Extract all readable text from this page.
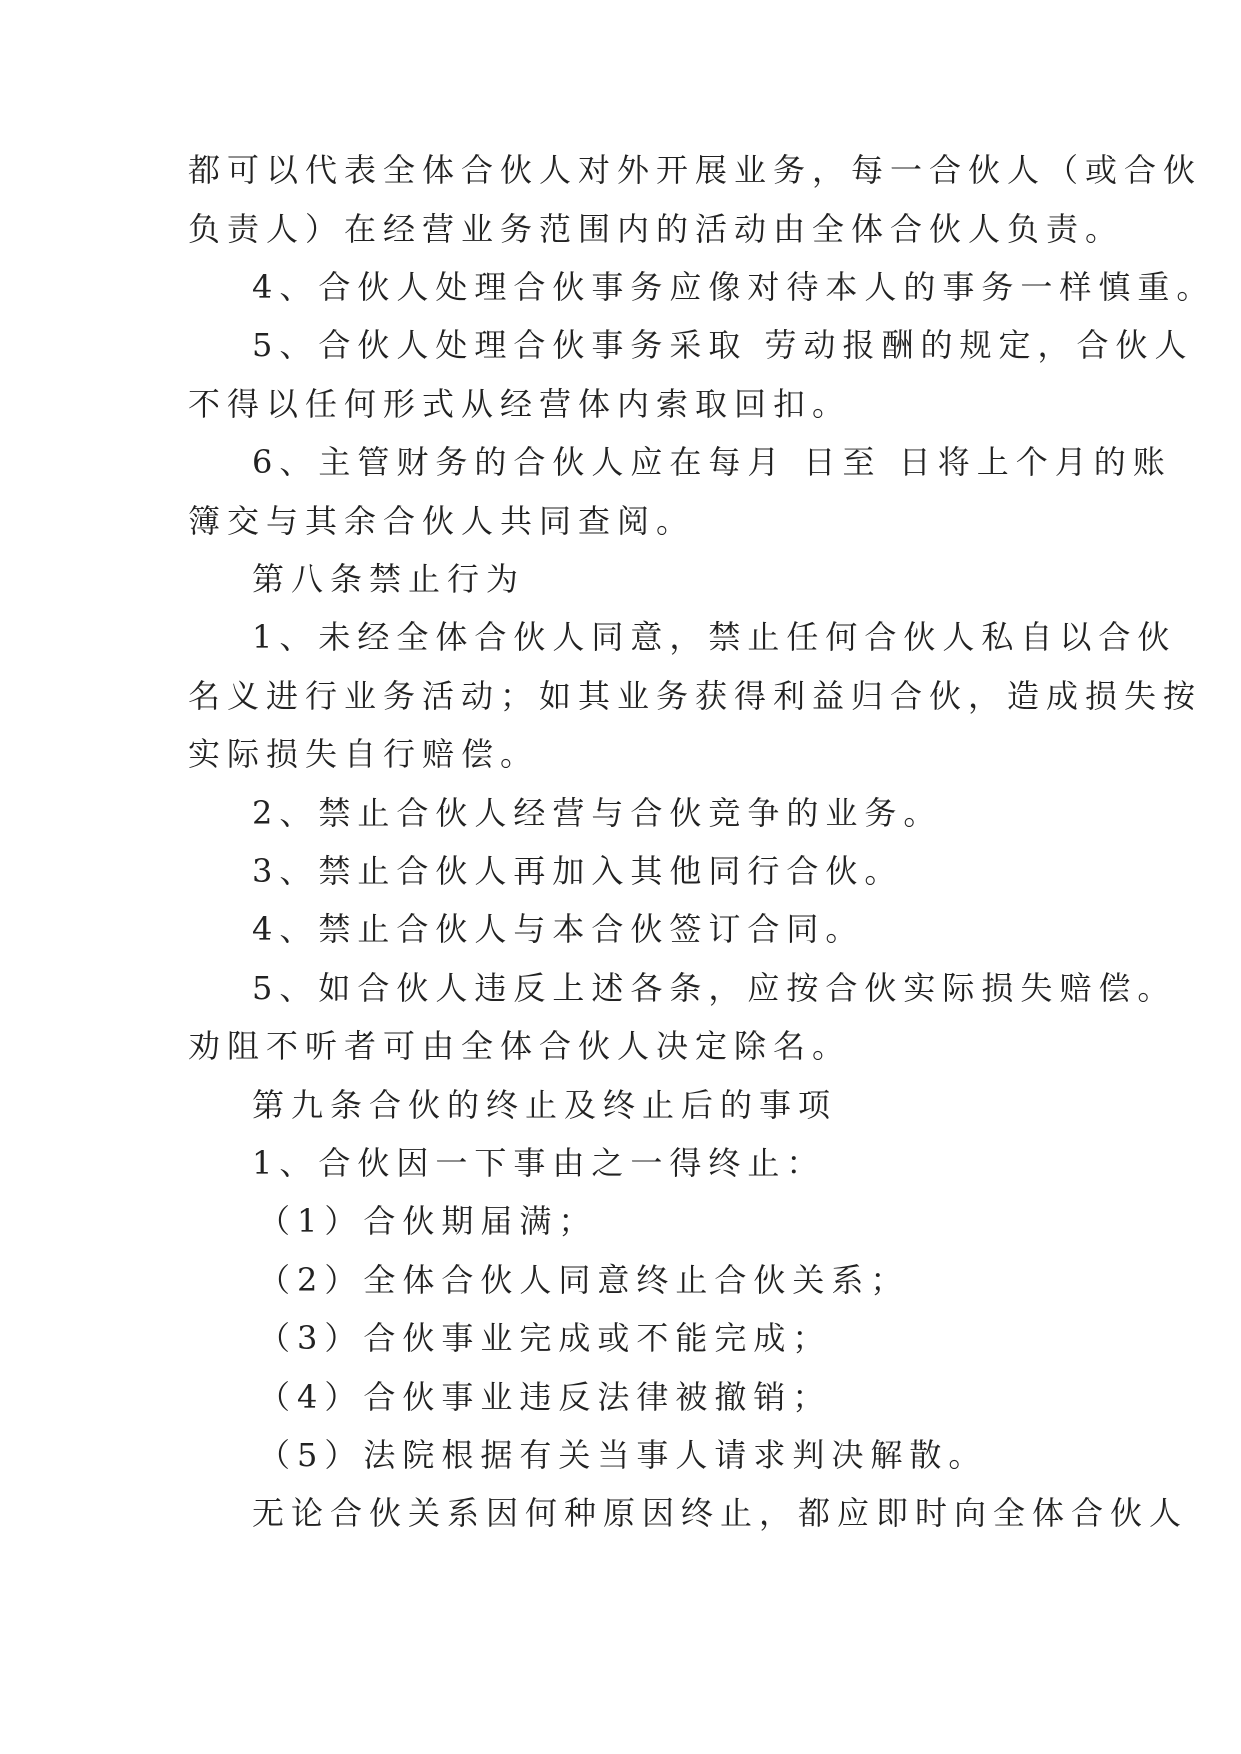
都可以代表全体合伙人对外开展业务，每一合伙人（或合伙
负责人）在经营业务范围内的活动由全体合伙人负责。
4、合伙人处理合伙事务应像对待本人的事务一样慎重。
5、合伙人处理合伙事务采取 劳动报酬的规定，合伙人
不得以任何形式从经营体内索取回扣。
6、主管财务的合伙人应在每月 日至 日将上个月的账
簿交与其余合伙人共同查阅。
第八条禁止行为
1、未经全体合伙人同意，禁止任何合伙人私自以合伙
名义进行业务活动；如其业务获得利益归合伙，造成损失按
实际损失自行赔偿。
2、禁止合伙人经营与合伙竞争的业务。
3、禁止合伙人再加入其他同行合伙。
4、禁止合伙人与本合伙签订合同。
5、如合伙人违反上述各条，应按合伙实际损失赔偿。
劝阻不听者可由全体合伙人决定除名。
第九条合伙的终止及终止后的事项
1、合伙因一下事由之一得终止：
（1）合伙期届满；
（2）全体合伙人同意终止合伙关系；
（3）合伙事业完成或不能完成；
（4）合伙事业违反法律被撤销；
（5）法院根据有关当事人请求判决解散。
无论合伙关系因何种原因终止，都应即时向全体合伙人
